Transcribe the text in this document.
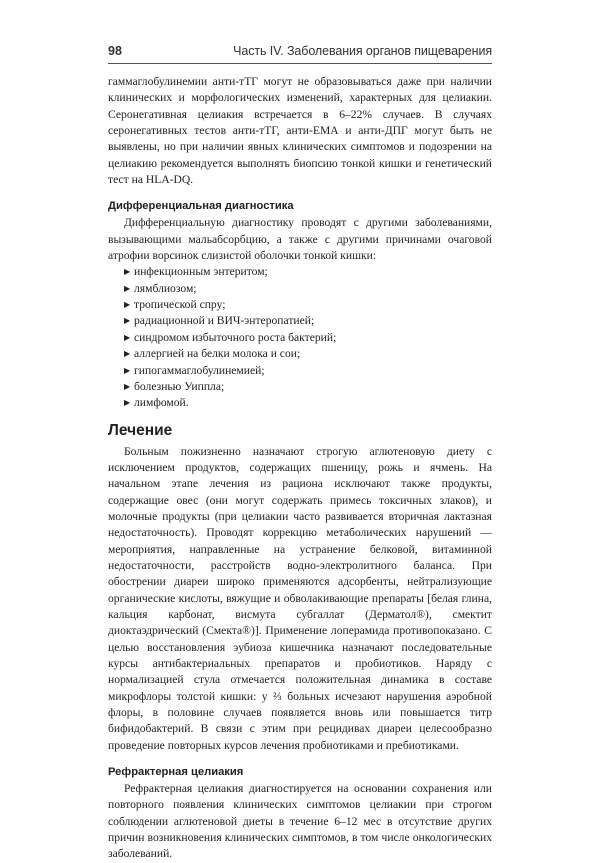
98	Часть IV. Заболевания органов пищеварения

гаммаглобулинемии анти-тТГ могут не образовываться даже при наличии клинических и морфологических изменений, характерных для целиакии. Серонегативная целиакия встречается в 6–22% случаев. В случаях серонегативных тестов анти-тТГ, анти-ЕМА и анти-ДПГ могут быть не выявлены, но при наличии явных клинических симптомов и подозрении на целиакию рекомендуется выполнять биопсию тонкой кишки и генетический тест на HLA-DQ.

Дифференциальная диагностика

Дифференциальную диагностику проводят с другими заболеваниями, вызывающими мальабсорбцию, а также с другими причинами очаговой атрофии ворсинок слизистой оболочки тонкой кишки:

▶ инфекционным энтеритом;
▶ лямблиозом;
▶ тропической спру;
▶ радиационной и ВИЧ-энтеропатией;
▶ синдромом избыточного роста бактерий;
▶ аллергией на белки молока и сои;
▶ гипогаммаглобулинемией;
▶ болезнью Уиппла;
▶ лимфомой.
Лечение

Больным пожизненно назначают строгую аглютеновую диету с исключением продуктов, содержащих пшеницу, рожь и ячмень. На начальном этапе лечения из рациона исключают также продукты, содержащие овес (они могут содержать примесь токсичных злаков), и молочные продукты (при целиакии часто развивается вторичная лактазная недостаточность). Проводят коррекцию метаболических нарушений — мероприятия, направленные на устранение белковой, витаминной недостаточности, расстройств водно-электролитного баланса. При обострении диареи широко применяются адсорбенты, нейтрализующие органические кислоты, вяжущие и обволакивающие препараты [белая глина, кальция карбонат, висмута субгаллат (Дерматол®), смектит диоктаэдрический (Смекта®)]. Применение лоперамида противопоказано. С целью восстановления эубиоза кишечника назначают последовательные курсы антибактериальных препаратов и пробиотиков. Наряду с нормализацией стула отмечается положительная динамика в составе микрофлоры толстой кишки: у ⅔ больных исчезают нарушения аэробной флоры, в половине случаев появляется вновь или повышается титр бифидобактерий. В связи с этим при рецидивах диареи целесообразно проведение повторных курсов лечения пробиотиками и пребиотиками.

Рефрактерная целиакия

Рефрактерная целиакия диагностируется на основании сохранения или повторного появления клинических симптомов целиакии при строгом соблюдении аглютеновой диеты в течение 6–12 мес в отсутствие других причин возникновения клинических симптомов, в том числе онкологических заболеваний.
